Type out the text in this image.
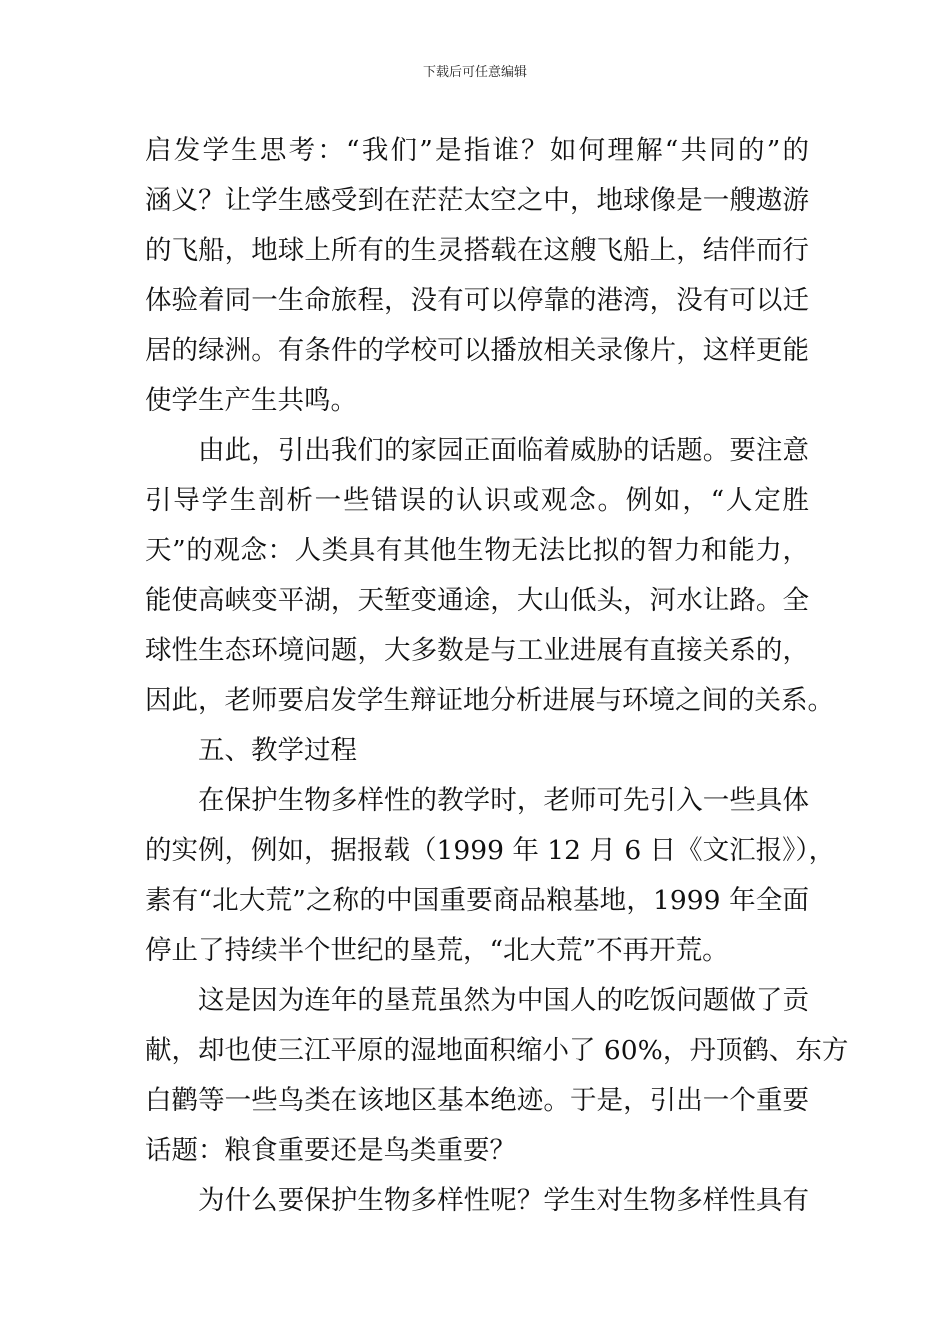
下载后可任意编辑
启发学生思考：“我们”是指谁？如何理解“共同的”的
涵义？让学生感受到在茫茫太空之中，地球像是一艘遨游
的飞船，地球上所有的生灵搭载在这艘飞船上，结伴而行
体验着同一生命旅程，没有可以停靠的港湾，没有可以迁
居的绿洲。有条件的学校可以播放相关录像片，这样更能
使学生产生共鸣。
由此，引出我们的家园正面临着威胁的话题。要注意
引导学生剖析一些错误的认识或观念。例如，“人定胜
天”的观念：人类具有其他生物无法比拟的智力和能力，
能使高峡变平湖，天堑变通途，大山低头，河水让路。全
球性生态环境问题，大多数是与工业进展有直接关系的，
因此，老师要启发学生辩证地分析进展与环境之间的关系。
五、教学过程
在保护生物多样性的教学时，老师可先引入一些具体
的实例，例如，据报载（1999 年 12 月 6 日《文汇报》），
素有“北大荒”之称的中国重要商品粮基地，1999 年全面
停止了持续半个世纪的垦荒，“北大荒”不再开荒。
这是因为连年的垦荒虽然为中国人的吃饭问题做了贡
献，却也使三江平原的湿地面积缩小了 60%，丹顶鹤、东方
白鹳等一些鸟类在该地区基本绝迹。于是，引出一个重要
话题：粮食重要还是鸟类重要？
为什么要保护生物多样性呢？学生对生物多样性具有
